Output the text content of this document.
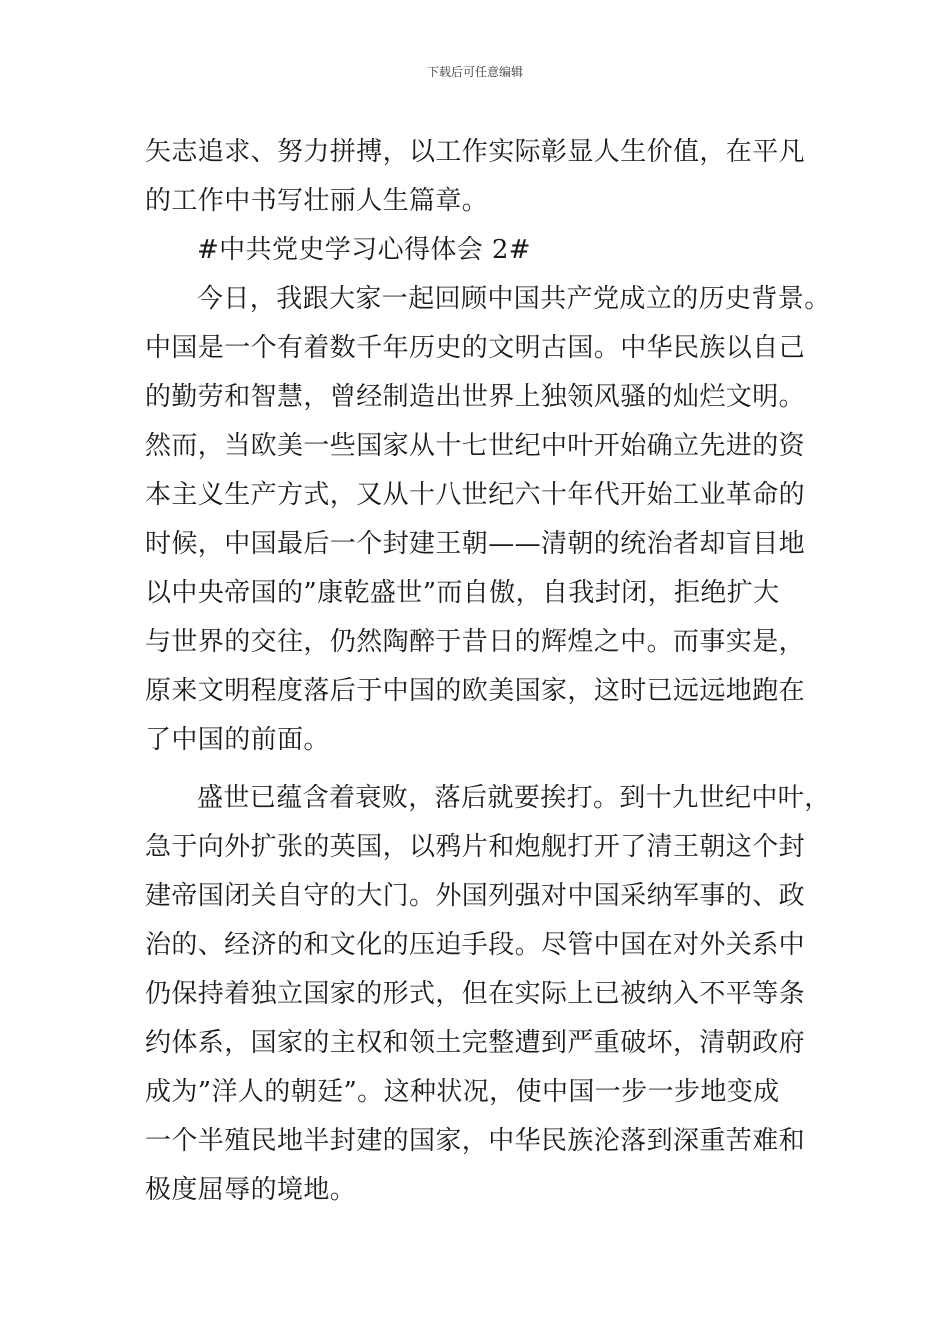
下载后可任意编辑
矢志追求、努力拼搏，以工作实际彰显人生价值，在平凡
的工作中书写壮丽人生篇章。
#中共党史学习心得体会 2#
今日，我跟大家一起回顾中国共产党成立的历史背景。
中国是一个有着数千年历史的文明古国。中华民族以自己
的勤劳和智慧，曾经制造出世界上独领风骚的灿烂文明。
然而，当欧美一些国家从十七世纪中叶开始确立先进的资
本主义生产方式，又从十八世纪六十年代开始工业革命的
时候，中国最后一个封建王朝——清朝的统治者却盲目地
以中央帝国的”康乾盛世”而自傲，自我封闭，拒绝扩大
与世界的交往，仍然陶醉于昔日的辉煌之中。而事实是，
原来文明程度落后于中国的欧美国家，这时已远远地跑在
了中国的前面。
盛世已蕴含着衰败，落后就要挨打。到十九世纪中叶，
急于向外扩张的英国，以鸦片和炮舰打开了清王朝这个封
建帝国闭关自守的大门。外国列强对中国采纳军事的、政
治的、经济的和文化的压迫手段。尽管中国在对外关系中
仍保持着独立国家的形式，但在实际上已被纳入不平等条
约体系，国家的主权和领土完整遭到严重破坏，清朝政府
成为”洋人的朝廷”。这种状况，使中国一步一步地变成
一个半殖民地半封建的国家，中华民族沦落到深重苦难和
极度屈辱的境地。
